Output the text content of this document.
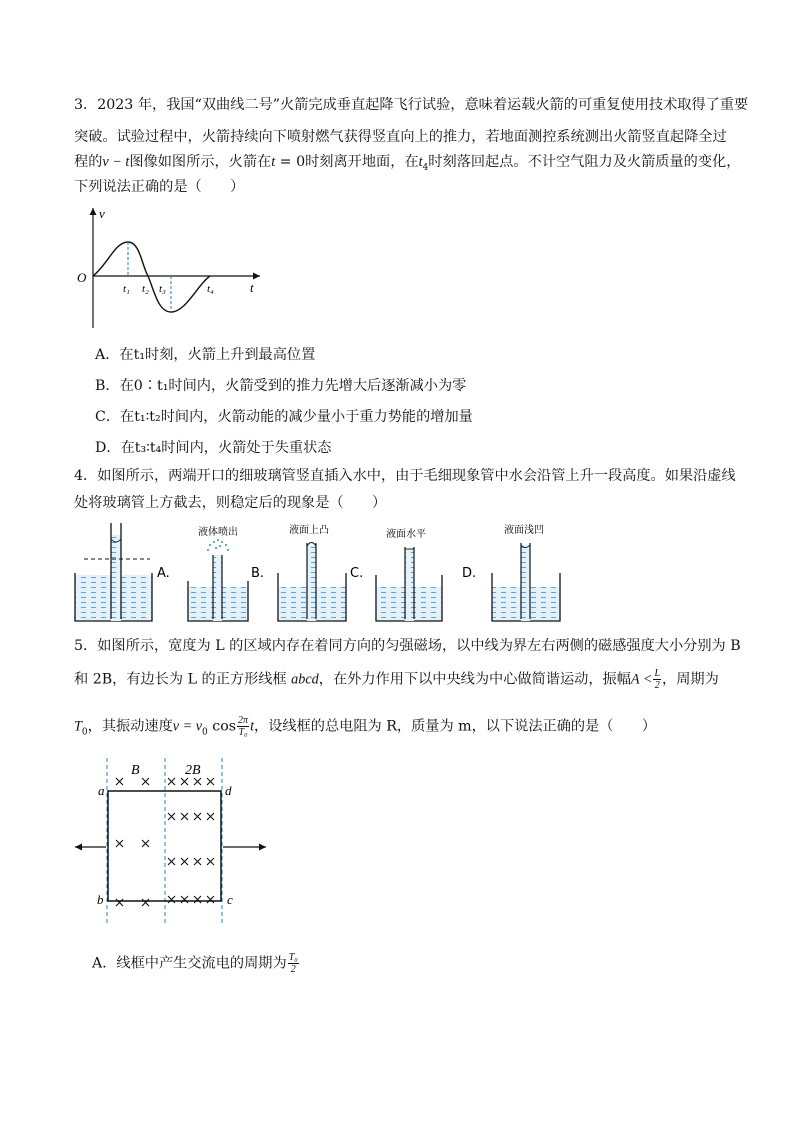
3．2023 年，我国“双曲线二号”火箭完成垂直起降飞行试验，意味着运载火箭的可重复使用技术取得了重要
突破。试验过程中，火箭持续向下喷射燃气获得竖直向上的推力，若地面测控系统测出火箭竖直起降全过
程的v − t图像如图所示，火箭在t = 0时刻离开地面，在$t_4$时刻落回起点。不计空气阻力及火箭质量的变化，
下列说法正确的是（　　）
v
t
O
t₁ t₂ t₃	t₄
A．在t₁时刻，火箭上升到最高位置
B．在0∶t₁时间内，火箭受到的推力先增大后逐渐减小为零
C．在t₁∶t₂时间内，火箭动能的减少量小于重力势能的增加量
D．在t₃∶t₄时间内，火箭处于失重状态
4．如图所示，两端开口的细玻璃管竖直插入水中，由于毛细现象管中水会沿管上升一段高度。如果沿虚线
处将玻璃管上方截去，则稳定后的现象是（　　）
A.
液体喷出
B.
液面上凸
C.
液面水平
D.
液面浅凹
5．如图所示，宽度为 L 的区域内存在着同方向的匀强磁场，以中线为界左右两侧的磁感强度大小分别为 B
和 2B，有边长为 L 的正方形线框 abcd，在外力作用下以中央线为中心做简谐运动，振幅$A < \frac{L}{2}$ ，周期为
$T_0$，其振动速度$v = v_0$ $\cos \frac{2\pi}{\text{T₀}}$ t，设线框的总电阻为 R，质量为 m，以下说法正确的是（　　）
B	2B
a
b	c
d
A．线框中产生交流电的周期为 $\frac{\text{T₀}}{2}$
